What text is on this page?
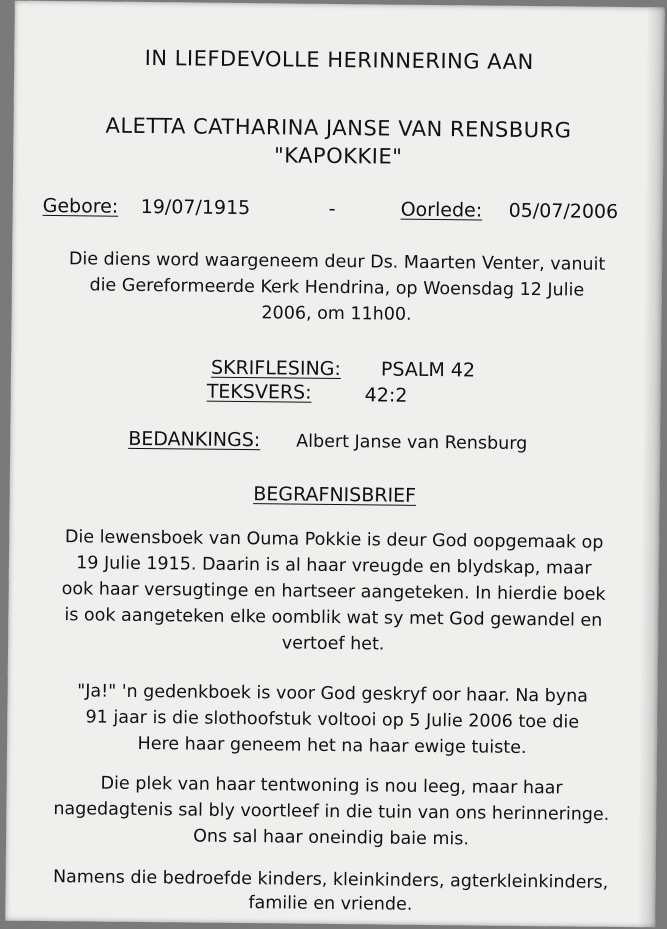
IN LIEFDEVOLLE HERINNERING AAN
ALETTA CATHARINA JANSE VAN RENSBURG
"KAPOKKIE"
Gebore: 19/07/1915	-	Oorlede: 05/07/2006
Die diens word waargeneem deur Ds. Maarten Venter, vanuit
die Gereformeerde Kerk Hendrina, op Woensdag 12 Julie
2006, om 11h00.
SKRIFLESING: PSALM 42
TEKSVERS:	42:2
BEDANKINGS: Albert Janse van Rensburg
BEGRAFNISBRIEF
Die lewensboek van Ouma Pokkie is deur God oopgemaak op
19 Julie 1915. Daarin is al haar vreugde en blydskap, maar
ook haar versugtinge en hartseer aangeteken. In hierdie boek
is ook aangeteken elke oomblik wat sy met God gewandel en
vertoef het.
"Ja!" 'n gedenkboek is voor God geskryf oor haar. Na byna
91 jaar is die slothoofstuk voltooi op 5 Julie 2006 toe die
Here haar geneem het na haar ewige tuiste.
Die plek van haar tentwoning is nou leeg, maar haar
nagedagtenis sal bly voortleef in die tuin van ons herinneringe.
Ons sal haar oneindig baie mis.
Namens die bedroefde kinders, kleinkinders, agterkleinkinders,
familie en vriende.
